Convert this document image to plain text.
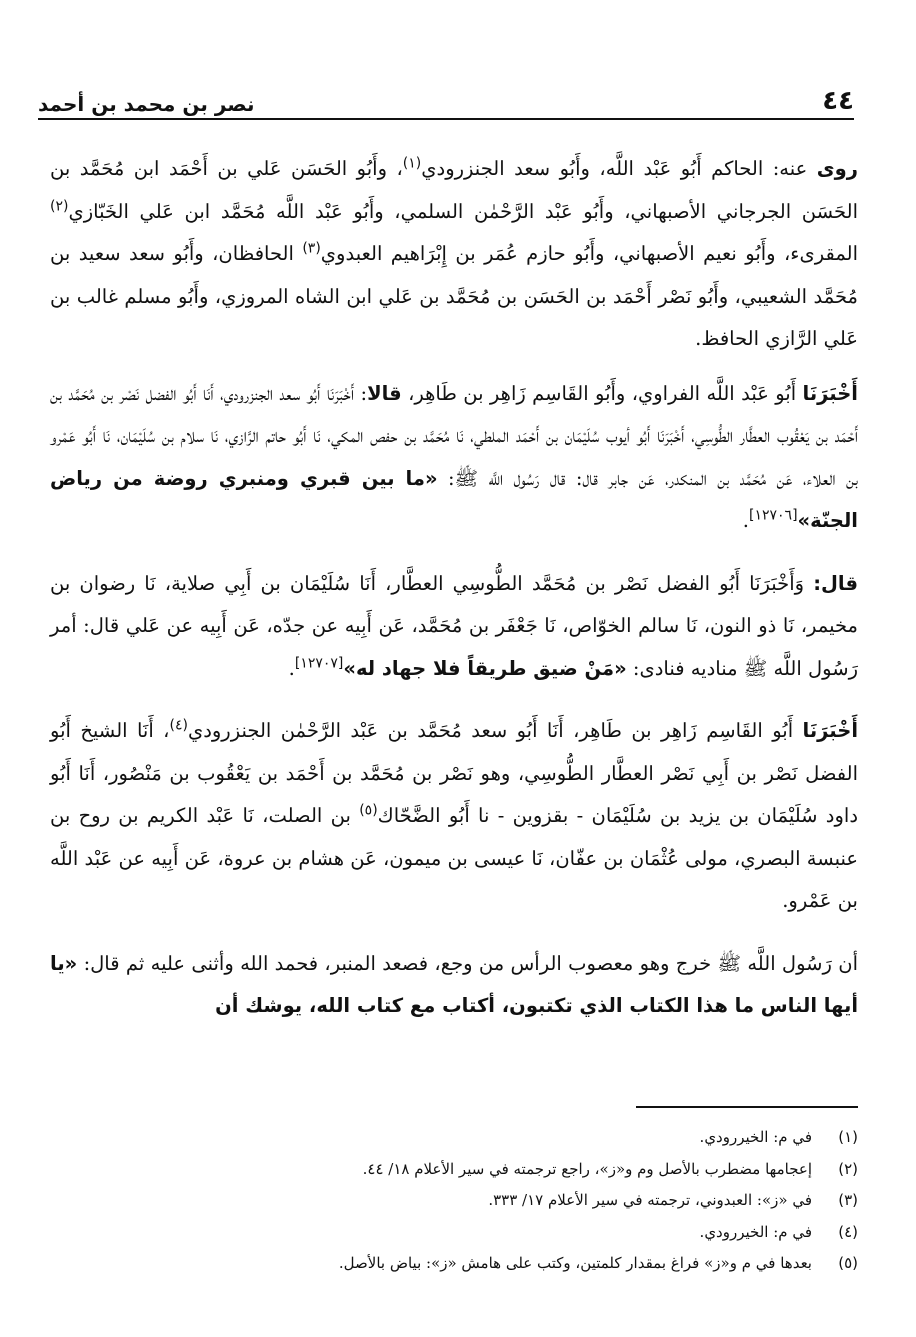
٤٤
نصر بن محمد بن أحمد

روى عنه: الحاكم أَبُو عَبْد اللَّه، وأَبُو سعد الجنزرودي$^{(١)}$، وأَبُو الحَسَن عَلي بن أَحْمَد ابن مُحَمَّد بن الحَسَن الجرجاني الأصبهاني، وأَبُو عَبْد الرَّحْمٰن السلمي، وأَبُو عَبْد اللَّه مُحَمَّد ابن عَلي الخَبّازي$^{(٢)}$ المقرىء، وأَبُو نعيم الأصبهاني، وأَبُو حازم عُمَر بن إِبْرَاهيم العبدوي$^{(٣)}$ الحافظان، وأَبُو سعد سعيد بن مُحَمَّد الشعيبي، وأَبُو نَصْر أَحْمَد بن الحَسَن بن مُحَمَّد بن عَلي ابن الشاه المروزي، وأَبُو مسلم غالب بن عَلي الرَّازي الحافظ.

أَخْبَرَنَا أَبُو عَبْد اللَّه الفراوي، وأَبُو القَاسِم زَاهِر بن طَاهِر، قالا: أَخْبَرَنَا أَبُو سعد الجنزرودي، أَنَا أَبُو الفضل نَصْر بن مُحَمَّد بن أَحْمَد بن يَعْقُوب العطَّار الطُّوسِي، أَخْبَرَنَا أَبُو أيوب سُلَيْمَان بن أَحْمَد الملطي، نَا مُحَمَّد بن حفص المكي، نَا أَبُو حاتم الرَّازي، نَا سلام بن سُلَيْمَان، نَا أَبُو عَمْرو بن العلاء، عَن مُحَمَّد بن المنكدر، عَن جابر قال: قال رَسُول اللَّه ﷺ: «ما بين قبري ومنبري روضة من رياض الجنّة»[١٢٧٠٦].

قال: وَأَخْبَرَنَا أَبُو الفضل نَصْر بن مُحَمَّد الطُّوسِي العطَّار، أَنَا سُلَيْمَان بن أَبِي صلاية، نَا رضوان بن مخيمر، نَا ذو النون، نَا سالم الخوّاص، نَا جَعْفَر بن مُحَمَّد، عَن أَبِيه عن جدّه، عَن أَبِيه عن عَلي قال: أمر رَسُول اللَّه ﷺ مناديه فنادى: «مَنْ ضيق طريقاً فلا جهاد له»[١٢٧٠٧].

أَخْبَرَنَا أَبُو القَاسِم زَاهِر بن طَاهِر، أَنَا أَبُو سعد مُحَمَّد بن عَبْد الرَّحْمٰن الجنزرودي$^{(٤)}$، أَنَا الشيخ أَبُو الفضل نَصْر بن أَبِي نَصْر العطَّار الطُّوسِي، وهو نَصْر بن مُحَمَّد بن أَحْمَد بن يَعْقُوب بن مَنْصُور، أَنَا أَبُو داود سُلَيْمَان بن يزيد بن سُلَيْمَان - بقزوين - نا أَبُو الضَّحّاك$^{(٥)}$ بن الصلت، نَا عَبْد الكريم بن روح بن عنبسة البصري، مولى عُثْمَان بن عفّان، نَا عيسى بن ميمون، عَن هشام بن عروة، عَن أَبِيه عن عَبْد اللَّه بن عَمْرو.

أن رَسُول اللَّه ﷺ خرج وهو معصوب الرأس من وجع، فصعد المنبر، فحمد الله وأثنى عليه ثم قال: «يا أيها الناس ما هذا الكتاب الذي تكتبون، أكتاب مع كتاب الله، يوشك أن

(١)
في م: الخيررودي.
(٢)
إعجامها مضطرب بالأصل وم و«ز»، راجع ترجمته في سير الأعلام ١٨/ ٤٤.
(٣)
في «ز»: العبدوني، ترجمته في سير الأعلام ١٧/ ٣٣٣.
(٤)
في م: الخيررودي.
(٥)
بعدها في م و«ز» فراغ بمقدار كلمتين، وكتب على هامش «ز»: بياض بالأصل.
